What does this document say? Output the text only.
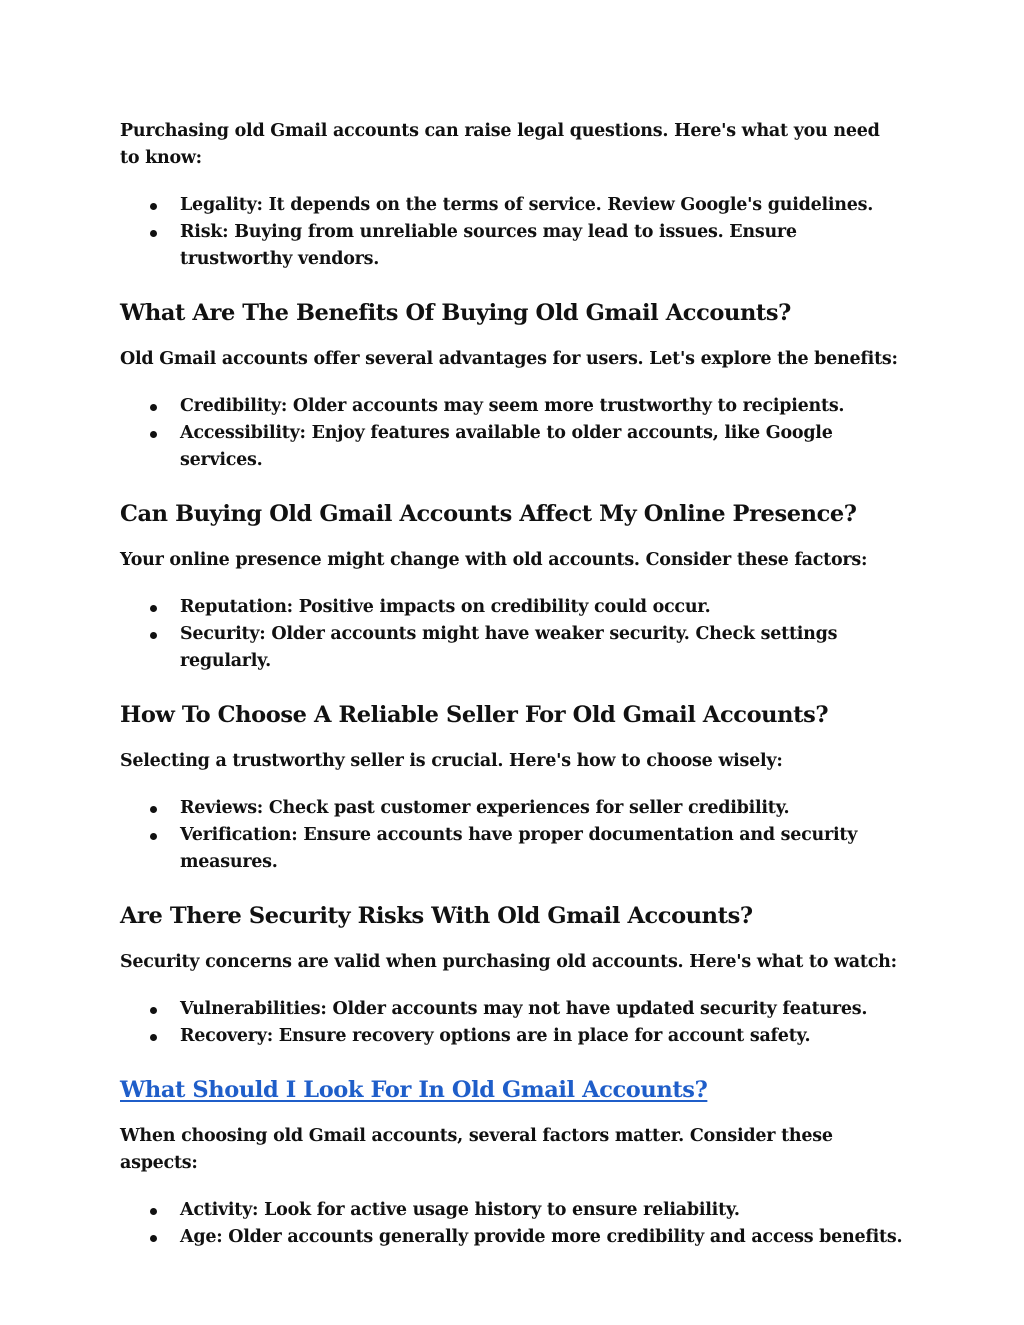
Purchasing old Gmail accounts can raise legal questions. Here's what you need to know:

Legality: It depends on the terms of service. Review Google's guidelines.
Risk: Buying from unreliable sources may lead to issues. Ensure trustworthy vendors.
What Are The Benefits Of Buying Old Gmail Accounts?

Old Gmail accounts offer several advantages for users. Let's explore the benefits:

Credibility: Older accounts may seem more trustworthy to recipients.
Accessibility: Enjoy features available to older accounts, like Google services.
Can Buying Old Gmail Accounts Affect My Online Presence?

Your online presence might change with old accounts. Consider these factors:

Reputation: Positive impacts on credibility could occur.
Security: Older accounts might have weaker security. Check settings regularly.
How To Choose A Reliable Seller For Old Gmail Accounts?

Selecting a trustworthy seller is crucial. Here's how to choose wisely:

Reviews: Check past customer experiences for seller credibility.
Verification: Ensure accounts have proper documentation and security measures.
Are There Security Risks With Old Gmail Accounts?

Security concerns are valid when purchasing old accounts. Here's what to watch:

Vulnerabilities: Older accounts may not have updated security features.
Recovery: Ensure recovery options are in place for account safety.
What Should I Look For In Old Gmail Accounts?

When choosing old Gmail accounts, several factors matter. Consider these aspects:

Activity: Look for active usage history to ensure reliability.
Age: Older accounts generally provide more credibility and access benefits.
